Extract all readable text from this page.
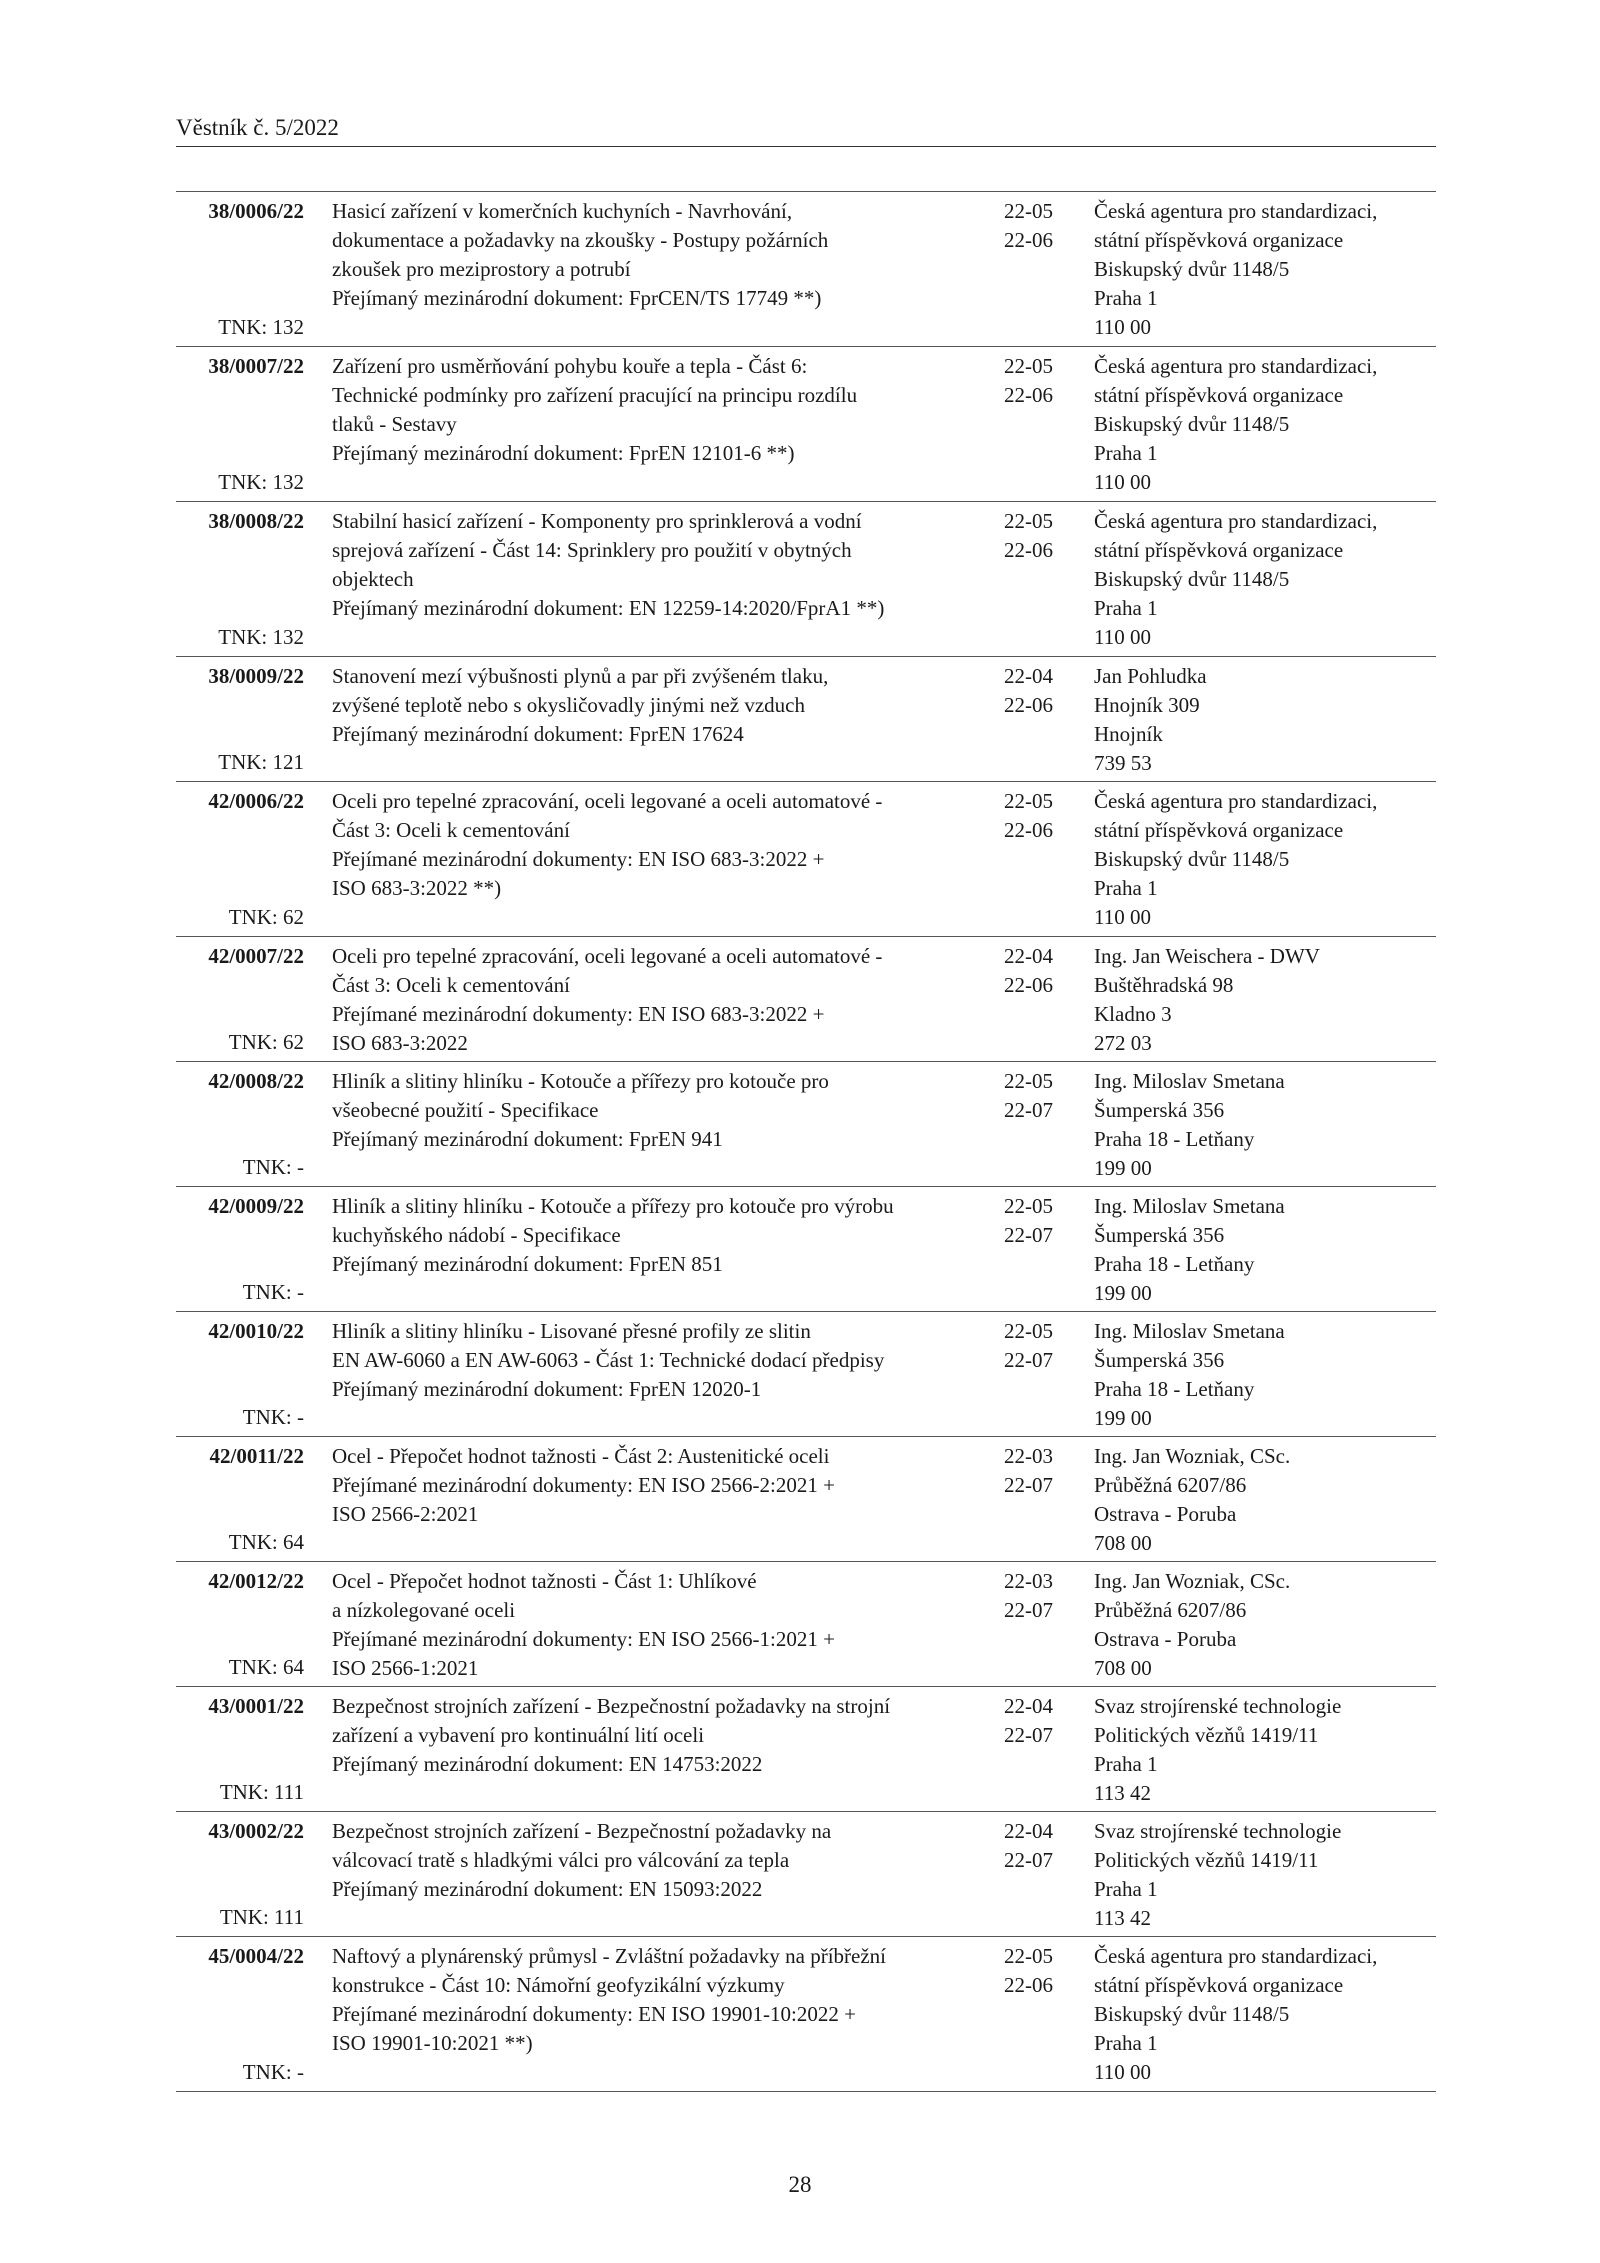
Věstník č. 5/2022
38/0006/22
TNK: 132
Hasicí zařízení v komerčních kuchyních - Navrhování,
dokumentace a požadavky na zkoušky - Postupy požárních
zkoušek pro meziprostory a potrubí
Přejímaný mezinárodní dokument: FprCEN/TS 17749 **)
22-05
22-06
Česká agentura pro standardizaci,
státní příspěvková organizace
Biskupský dvůr 1148/5
Praha 1
110 00
38/0007/22
TNK: 132
Zařízení pro usměrňování pohybu kouře a tepla - Část 6:
Technické podmínky pro zařízení pracující na principu rozdílu
tlaků - Sestavy
Přejímaný mezinárodní dokument: FprEN 12101-6 **)
22-05
22-06
Česká agentura pro standardizaci,
státní příspěvková organizace
Biskupský dvůr 1148/5
Praha 1
110 00
38/0008/22
TNK: 132
Stabilní hasicí zařízení - Komponenty pro sprinklerová a vodní
sprejová zařízení - Část 14: Sprinklery pro použití v obytných
objektech
Přejímaný mezinárodní dokument: EN 12259-14:2020/FprA1 **)
22-05
22-06
Česká agentura pro standardizaci,
státní příspěvková organizace
Biskupský dvůr 1148/5
Praha 1
110 00
38/0009/22
TNK: 121
Stanovení mezí výbušnosti plynů a par při zvýšeném tlaku,
zvýšené teplotě nebo s okysličovadly jinými než vzduch
Přejímaný mezinárodní dokument: FprEN 17624
22-04
22-06
Jan Pohludka
Hnojník 309
Hnojník
739 53
42/0006/22
TNK: 62
Oceli pro tepelné zpracování, oceli legované a oceli automatové -
Část 3: Oceli k cementování
Přejímané mezinárodní dokumenty: EN ISO 683-3:2022 +
ISO 683-3:2022 **)
22-05
22-06
Česká agentura pro standardizaci,
státní příspěvková organizace
Biskupský dvůr 1148/5
Praha 1
110 00
42/0007/22
TNK: 62
Oceli pro tepelné zpracování, oceli legované a oceli automatové -
Část 3: Oceli k cementování
Přejímané mezinárodní dokumenty: EN ISO 683-3:2022 +
ISO 683-3:2022
22-04
22-06
Ing. Jan Weischera - DWV
Buštěhradská 98
Kladno 3
272 03
42/0008/22
TNK: -
Hliník a slitiny hliníku - Kotouče a přířezy pro kotouče pro
všeobecné použití - Specifikace
Přejímaný mezinárodní dokument: FprEN 941
22-05
22-07
Ing. Miloslav Smetana
Šumperská 356
Praha 18 - Letňany
199 00
42/0009/22
TNK: -
Hliník a slitiny hliníku - Kotouče a přířezy pro kotouče pro výrobu
kuchyňského nádobí - Specifikace
Přejímaný mezinárodní dokument: FprEN 851
22-05
22-07
Ing. Miloslav Smetana
Šumperská 356
Praha 18 - Letňany
199 00
42/0010/22
TNK: -
Hliník a slitiny hliníku - Lisované přesné profily ze slitin
EN AW-6060 a EN AW-6063 - Část 1: Technické dodací předpisy
Přejímaný mezinárodní dokument: FprEN 12020-1
22-05
22-07
Ing. Miloslav Smetana
Šumperská 356
Praha 18 - Letňany
199 00
42/0011/22
TNK: 64
Ocel - Přepočet hodnot tažnosti - Část 2: Austenitické oceli
Přejímané mezinárodní dokumenty: EN ISO 2566-2:2021 +
ISO 2566-2:2021
22-03
22-07
Ing. Jan Wozniak, CSc.
Průběžná 6207/86
Ostrava - Poruba
708 00
42/0012/22
TNK: 64
Ocel - Přepočet hodnot tažnosti - Část 1: Uhlíkové
a nízkolegované oceli
Přejímané mezinárodní dokumenty: EN ISO 2566-1:2021 +
ISO 2566-1:2021
22-03
22-07
Ing. Jan Wozniak, CSc.
Průběžná 6207/86
Ostrava - Poruba
708 00
43/0001/22
TNK: 111
Bezpečnost strojních zařízení - Bezpečnostní požadavky na strojní
zařízení a vybavení pro kontinuální lití oceli
Přejímaný mezinárodní dokument: EN 14753:2022
22-04
22-07
Svaz strojírenské technologie
Politických vězňů 1419/11
Praha 1
113 42
43/0002/22
TNK: 111
Bezpečnost strojních zařízení - Bezpečnostní požadavky na
válcovací tratě s hladkými válci pro válcování za tepla
Přejímaný mezinárodní dokument: EN 15093:2022
22-04
22-07
Svaz strojírenské technologie
Politických vězňů 1419/11
Praha 1
113 42
45/0004/22
TNK: -
Naftový a plynárenský průmysl - Zvláštní požadavky na příbřežní
konstrukce - Část 10: Námořní geofyzikální výzkumy
Přejímané mezinárodní dokumenty: EN ISO 19901-10:2022 +
ISO 19901-10:2021 **)
22-05
22-06
Česká agentura pro standardizaci,
státní příspěvková organizace
Biskupský dvůr 1148/5
Praha 1
110 00
28
